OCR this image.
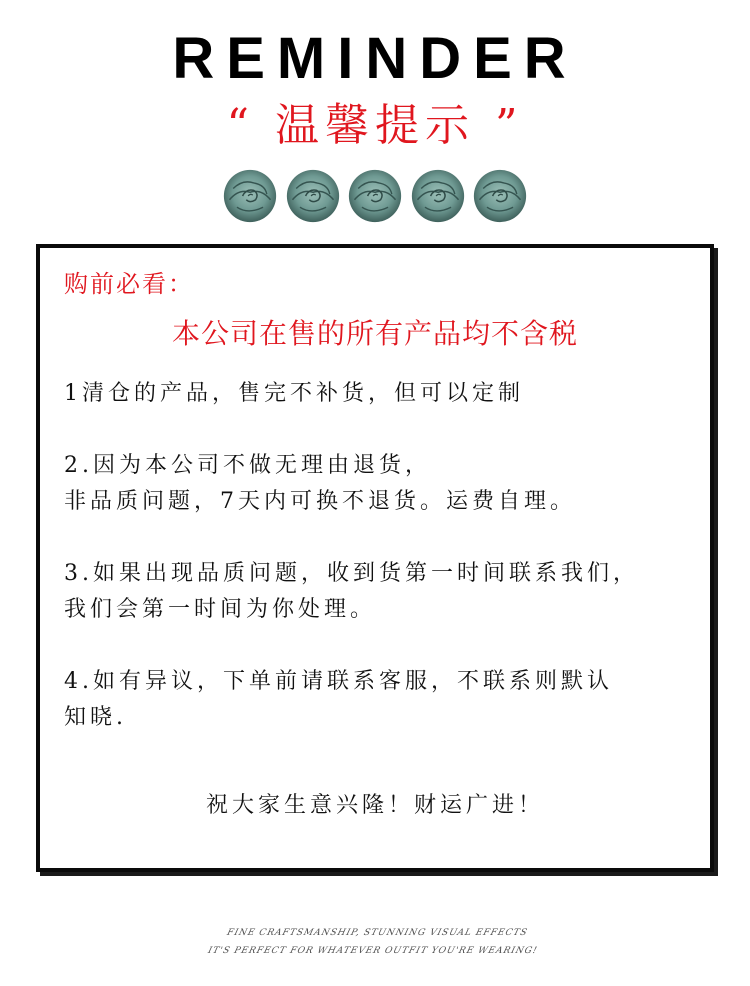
REMINDER
“ 温馨提示 ”
购前必看：
本公司在售的所有产品均不含税
1清仓的产品，售完不补货，但可以定制
2.因为本公司不做无理由退货，
非品质问题，7天内可换不退货。运费自理。
3.如果出现品质问题，收到货第一时间联系我们，
我们会第一时间为你处理。
4.如有异议，下单前请联系客服，不联系则默认
知晓.
祝大家生意兴隆！财运广进！
FINE CRAFTSMANSHIP, STUNNING VISUAL EFFECTS
IT'S PERFECT FOR WHATEVER OUTFIT YOU'RE WEARING!
